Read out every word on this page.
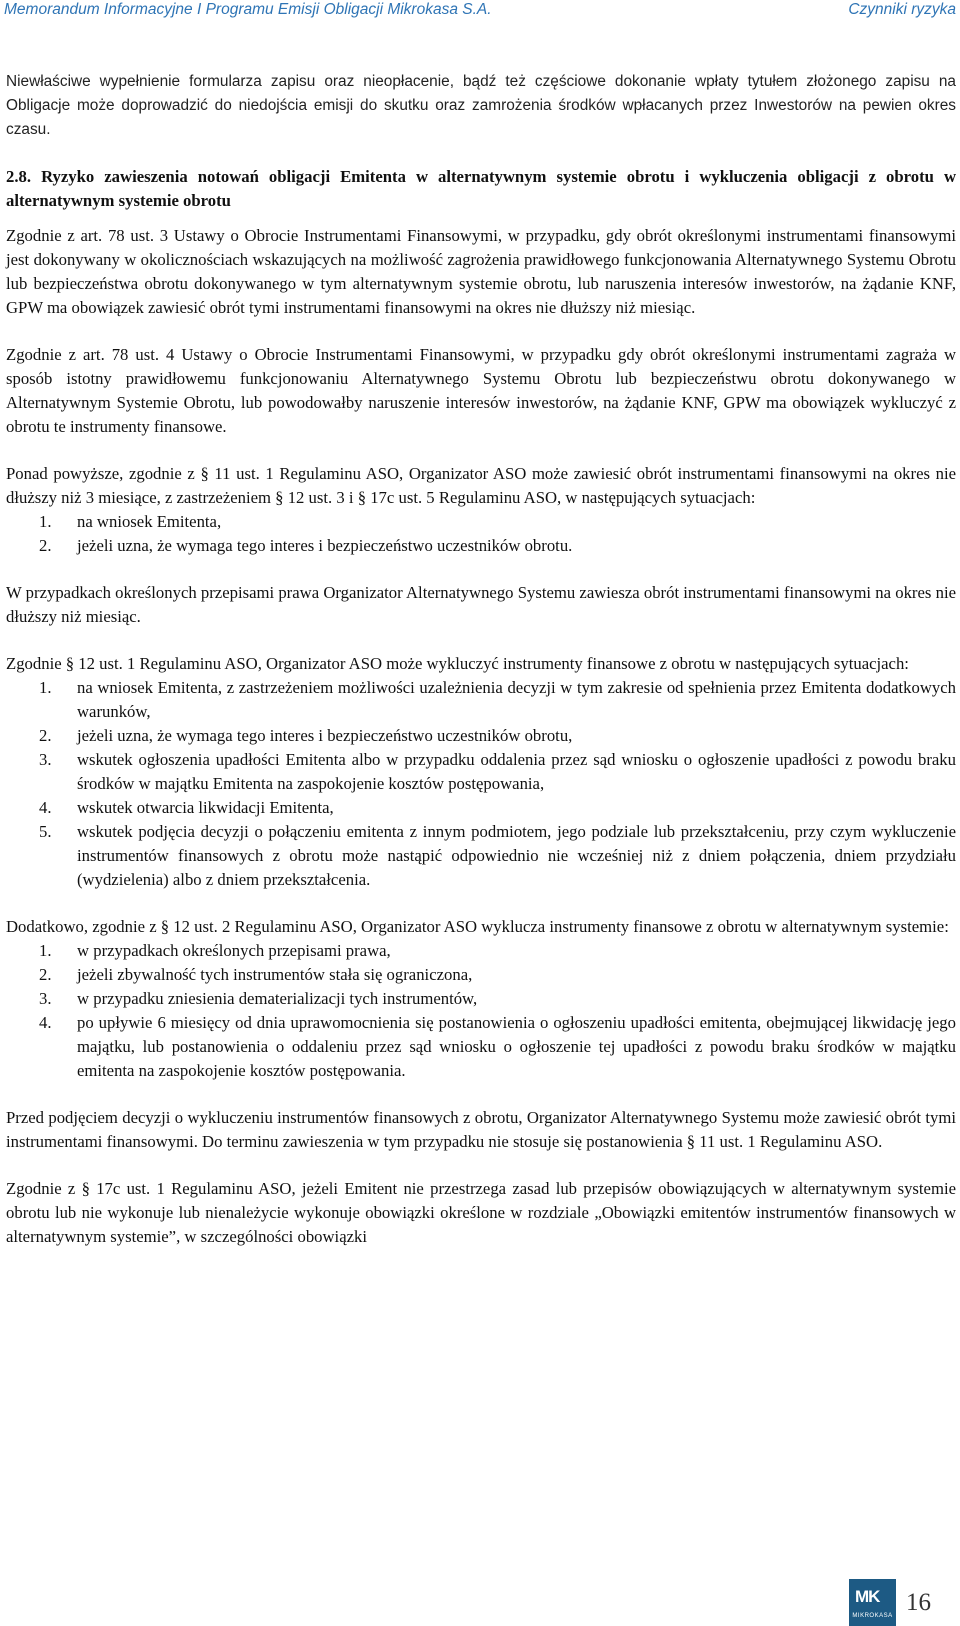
Memorandum Informacyjne I Programu Emisji Obligacji Mikrokasa S.A.	Czynniki ryzyka

Niewłaściwe wypełnienie formularza zapisu oraz nieopłacenie, bądź też częściowe dokonanie wpłaty tytułem złożonego zapisu na Obligacje może doprowadzić do niedojścia emisji do skutku oraz zamrożenia środków wpłacanych przez Inwestorów na pewien okres czasu.

2.8. Ryzyko zawieszenia notowań obligacji Emitenta w alternatywnym systemie obrotu i wykluczenia obligacji z obrotu w alternatywnym systemie obrotu

Zgodnie z art. 78 ust. 3 Ustawy o Obrocie Instrumentami Finansowymi, w przypadku, gdy obrót określonymi instrumentami finansowymi jest dokonywany w okolicznościach wskazujących na możliwość zagrożenia prawidłowego funkcjonowania Alternatywnego Systemu Obrotu lub bezpieczeństwa obrotu dokonywanego w tym alternatywnym systemie obrotu, lub naruszenia interesów inwestorów, na żądanie KNF, GPW ma obowiązek zawiesić obrót tymi instrumentami finansowymi na okres nie dłuższy niż miesiąc.

Zgodnie z art. 78 ust. 4 Ustawy o Obrocie Instrumentami Finansowymi, w przypadku gdy obrót określonymi instrumentami zagraża w sposób istotny prawidłowemu funkcjonowaniu Alternatywnego Systemu Obrotu lub bezpieczeństwu obrotu dokonywanego w Alternatywnym Systemie Obrotu, lub powodowałby naruszenie interesów inwestorów, na żądanie KNF, GPW ma obowiązek wykluczyć z obrotu te instrumenty finansowe.

Ponad powyższe, zgodnie z § 11 ust. 1 Regulaminu ASO, Organizator ASO może zawiesić obrót instrumentami finansowymi na okres nie dłuższy niż 3 miesiące, z zastrzeżeniem § 12 ust. 3 i § 17c ust. 5 Regulaminu ASO, w następujących sytuacjach:

1. na wniosek Emitenta,
2. jeżeli uzna, że wymaga tego interes i bezpieczeństwo uczestników obrotu.

W przypadkach określonych przepisami prawa Organizator Alternatywnego Systemu zawiesza obrót instrumentami finansowymi na okres nie dłuższy niż miesiąc.

Zgodnie § 12 ust. 1 Regulaminu ASO, Organizator ASO może wykluczyć instrumenty finansowe z obrotu w następujących sytuacjach:

1. na wniosek Emitenta, z zastrzeżeniem możliwości uzależnienia decyzji w tym zakresie od spełnienia przez Emitenta dodatkowych warunków,
2. jeżeli uzna, że wymaga tego interes i bezpieczeństwo uczestników obrotu,
3. wskutek ogłoszenia upadłości Emitenta albo w przypadku oddalenia przez sąd wniosku o ogłoszenie upadłości z powodu braku środków w majątku Emitenta na zaspokojenie kosztów postępowania,
4. wskutek otwarcia likwidacji Emitenta,
5. wskutek podjęcia decyzji o połączeniu emitenta z innym podmiotem, jego podziale lub przekształceniu, przy czym wykluczenie instrumentów finansowych z obrotu może nastąpić odpowiednio nie wcześniej niż z dniem połączenia, dniem przydziału (wydzielenia) albo z dniem przekształcenia.

Dodatkowo, zgodnie z § 12 ust. 2 Regulaminu ASO, Organizator ASO wyklucza instrumenty finansowe z obrotu w alternatywnym systemie:

1. w przypadkach określonych przepisami prawa,
2. jeżeli zbywalność tych instrumentów stała się ograniczona,
3. w przypadku zniesienia dematerializacji tych instrumentów,
4. po upływie 6 miesięcy od dnia uprawomocnienia się postanowienia o ogłoszeniu upadłości emitenta, obejmującej likwidację jego majątku, lub postanowienia o oddaleniu przez sąd wniosku o ogłoszenie tej upadłości z powodu braku środków w majątku emitenta na zaspokojenie kosztów postępowania.

Przed podjęciem decyzji o wykluczeniu instrumentów finansowych z obrotu, Organizator Alternatywnego Systemu może zawiesić obrót tymi instrumentami finansowymi. Do terminu zawieszenia w tym przypadku nie stosuje się postanowienia § 11 ust. 1 Regulaminu ASO.

Zgodnie z § 17c ust. 1 Regulaminu ASO, jeżeli Emitent nie przestrzega zasad lub przepisów obowiązujących w alternatywnym systemie obrotu lub nie wykonuje lub nienależycie wykonuje obowiązki określone w rozdziale „Obowiązki emitentów instrumentów finansowych w alternatywnym systemie”, w szczególności obowiązki

MK
MIKROKASA 16
